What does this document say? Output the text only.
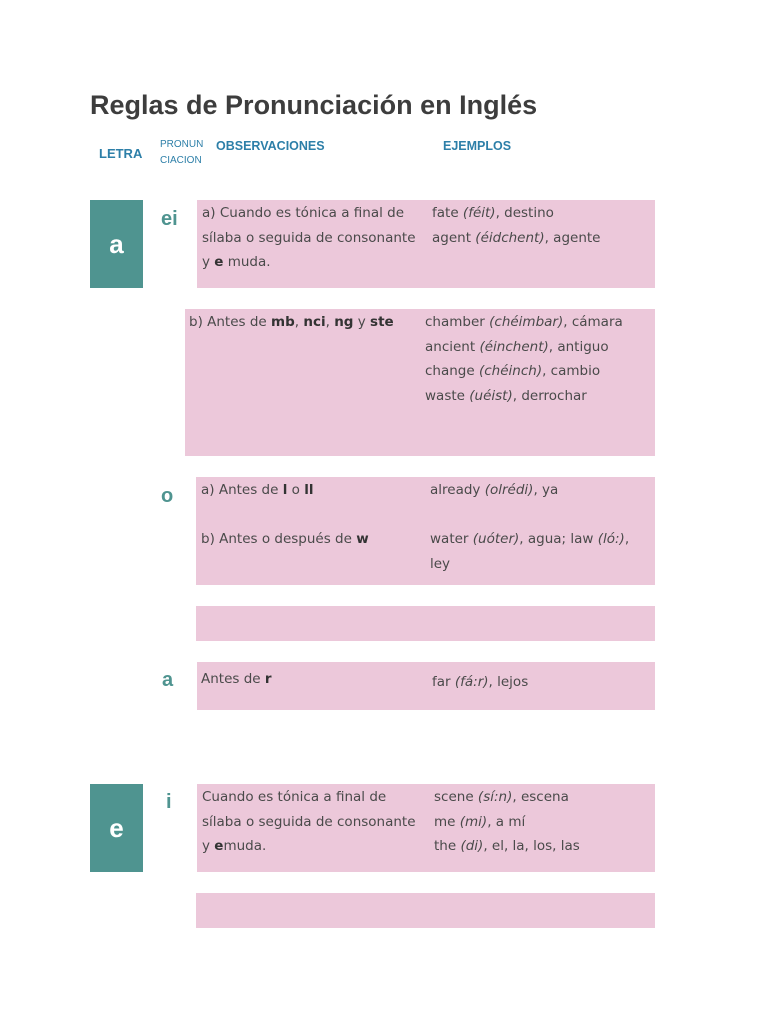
Reglas de Pronunciación en Inglés
LETRA
PRONUN
CIACION
OBSERVACIONES	EJEMPLOS
a
ei a) Cuando es tónica a final de
sílaba o seguida de consonante
y e muda.
fate (féit), destino
agent (éidchent), agente
b) Antes de mb, nci, ng y ste chamber (chéimbar), cámara
ancient (éinchent), antiguo
change (chéinch), cambio
waste (uéist), derrochar
o a) Antes de l o ll
b) Antes o después de w
already (olrédi), ya
water (uóter), agua; law (ló:),
ley
a Antes de r	far (fá:r), lejos
e
i Cuando es tónica a final de
sílaba o seguida de consonante
y emuda.
scene (sí:n), escena
me (mi), a mí
the (di), el, la, los, las
